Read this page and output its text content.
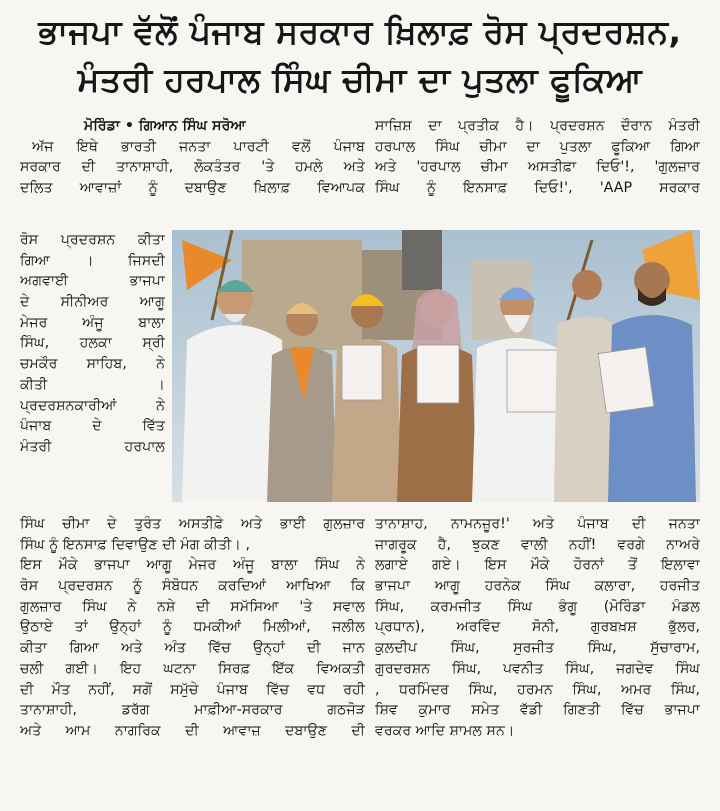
ਭਾਜਪਾ ਵੱਲੋਂ ਪੰਜਾਬ ਸਰਕਾਰ ਖ਼ਿਲਾਫ਼ ਰੋਸ ਪ੍ਰਦਰਸ਼ਨ,
ਮੰਤਰੀ ਹਰਪਾਲ ਸਿੰਘ ਚੀਮਾ ਦਾ ਪੁਤਲਾ ਫੂਕਿਆ
ਮੋਰਿੰਡਾ • ਗਿਆਨ ਸਿੰਘ ਸਰੋਆ
ਅੱਜ ਇਥੇ ਭਾਰਤੀ ਜਨਤਾ ਪਾਰਟੀ ਵਲੋਂ ਪੰਜਾਬ
ਸਰਕਾਰ ਦੀ ਤਾਨਾਸ਼ਾਹੀ, ਲੋਕਤੰਤਰ 'ਤੇ ਹਮਲੇ ਅਤੇ
ਦਲਿਤ ਆਵਾਜ਼ਾਂ ਨੂੰ ਦਬਾਉਣ ਖ਼ਿਲਾਫ਼ ਵਿਆਪਕ
ਰੋਸ ਪ੍ਰਦਰਸ਼ਨ ਕੀਤਾ
ਗਿਆ । ਜਿਸਦੀ
ਅਗਵਾਈ ਭਾਜਪਾ
ਦੇ ਸੀਨੀਅਰ ਆਗੂ
ਮੇਜਰ ਅੰਜੂ ਬਾਲਾ
ਸਿੰਘ, ਹਲਕਾ ਸ੍ਰੀ
ਚਮਕੌਰ ਸਾਹਿਬ, ਨੇ
ਕੀਤੀ ।
ਪ੍ਰਦਰਸ਼ਨਕਾਰੀਆਂ ਨੇ
ਪੰਜਾਬ ਦੇ ਵਿੱਤ
ਮੰਤਰੀ ਹਰਪਾਲ
ਸਿੰਘ ਚੀਮਾ ਦੇ ਤੁਰੰਤ ਅਸਤੀਫ਼ੇ ਅਤੇ ਭਾਈ ਗੁਲਜ਼ਾਰ
ਸਿੰਘ ਨੂੰ ਇਨਸਾਫ਼ ਦਿਵਾਉਣ ਦੀ ਮੰਗ ਕੀਤੀ। ,
ਇਸ ਮੌਕੇ ਭਾਜਪਾ ਆਗੂ ਮੇਜਰ ਅੰਜੂ ਬਾਲਾ ਸਿੰਘ ਨੇ
ਰੋਸ ਪ੍ਰਦਰਸ਼ਨ ਨੂੰ ਸੰਬੋਧਨ ਕਰਦਿਆਂ ਆਖਿਆ ਕਿ
ਗੁਲਜ਼ਾਰ ਸਿੰਘ ਨੇ ਨਸ਼ੇ ਦੀ ਸਮੱਸਿਆ 'ਤੇ ਸਵਾਲ
ਉਠਾਏ ਤਾਂ ਉਨ੍ਹਾਂ ਨੂੰ ਧਮਕੀਆਂ ਮਿਲੀਆਂ, ਜਲੀਲ
ਕੀਤਾ ਗਿਆ ਅਤੇ ਅੰਤ ਵਿੱਚ ਉਨ੍ਹਾਂ ਦੀ ਜਾਨ
ਚਲੀ ਗਈ। ਇਹ ਘਟਨਾ ਸਿਰਫ਼ ਇੱਕ ਵਿਅਕਤੀ
ਦੀ ਮੌਤ ਨਹੀਂ, ਸਗੋਂ ਸਮੁੱਚੇ ਪੰਜਾਬ ਵਿੱਚ ਵਧ ਰਹੀ
ਤਾਨਾਸ਼ਾਹੀ, ਡਰੱਗ ਮਾਫ਼ੀਆ-ਸਰਕਾਰ ਗਠਜੋੜ
ਅਤੇ ਆਮ ਨਾਗਰਿਕ ਦੀ ਆਵਾਜ਼ ਦਬਾਉਣ ਦੀ
ਸਾਜ਼ਿਸ਼ ਦਾ ਪ੍ਰਤੀਕ ਹੈ। ਪ੍ਰਦਰਸ਼ਨ ਦੌਰਾਨ ਮੰਤਰੀ
ਹਰਪਾਲ ਸਿੰਘ ਚੀਮਾ ਦਾ ਪੁਤਲਾ ਫੂਕਿਆ ਗਿਆ
ਅਤੇ 'ਹਰਪਾਲ ਚੀਮਾ ਅਸਤੀਫ਼ਾ ਦਿਓ'!, 'ਗੁਲਜ਼ਾਰ
ਸਿੰਘ ਨੂੰ ਇਨਸਾਫ਼ ਦਿਓ!', 'AAP ਸਰਕਾਰ
ਤਾਨਾਸ਼ਾਹ, ਨਾਮਨਜ਼ੂਰ!' ਅਤੇ ਪੰਜਾਬ ਦੀ ਜਨਤਾ
ਜਾਗਰੂਕ ਹੈ, ਝੁਕਣ ਵਾਲੀ ਨਹੀਂ! ਵਰਗੇ ਨਾਅਰੇ
ਲਗਾਏ ਗਏ। ਇਸ ਮੌਕੇ ਹੋਰਨਾਂ ਤੋਂ ਇਲਾਵਾ
ਭਾਜਪਾ ਆਗੂ ਹਰਨੇਕ ਸਿੰਘ ਕਲਾਰਾ, ਹਰਜੀਤ
ਸਿੰਘ, ਕਰਮਜੀਤ ਸਿੰਘ ਭੰਗੂ (ਮੋਰਿੰਡਾ ਮੰਡਲ
ਪ੍ਰਧਾਨ), ਅਰਵਿੰਦ ਸੋਨੀ, ਗੁਰਬਖ਼ਸ਼ ਭੁੱਲਰ,
ਕੁਲਦੀਪ ਸਿੰਘ, ਸੁਰਜੀਤ ਸਿੰਘ, ਸੁੱਚਾਰਾਮ,
ਗੁਰਦਰਸ਼ਨ ਸਿੰਘ, ਪਵਨੀਤ ਸਿੰਘ, ਜਗਦੇਵ ਸਿੰਘ
, ਧਰਮਿੰਦਰ ਸਿੰਘ, ਹਰਮਨ ਸਿੰਘ, ਅਮਰ ਸਿੰਘ,
ਸ਼ਿਵ ਕੁਮਾਰ ਸਮੇਤ ਵੱਡੀ ਗਿਣਤੀ ਵਿੱਚ ਭਾਜਪਾ
ਵਰਕਰ ਆਦਿ ਸ਼ਾਮਲ ਸਨ।
